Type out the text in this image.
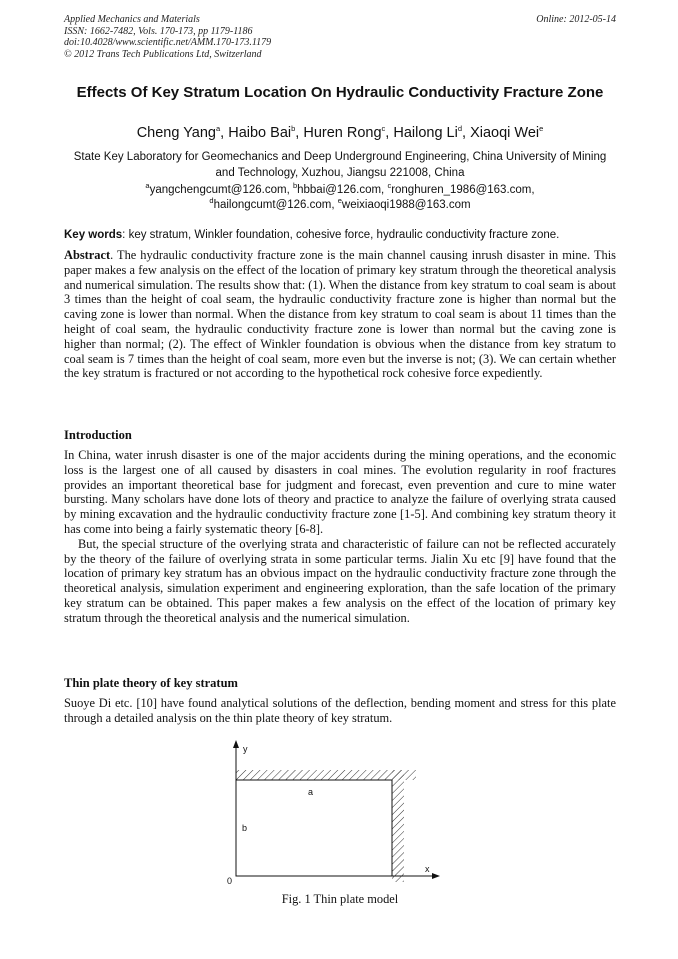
Applied Mechanics and Materials
ISSN: 1662-7482, Vols. 170-173, pp 1179-1186
doi:10.4028/www.scientific.net/AMM.170-173.1179
© 2012 Trans Tech Publications Ltd, Switzerland
Online: 2012-05-14
Effects Of Key Stratum Location On Hydraulic Conductivity Fracture Zone
Cheng Yang$^a$, Haibo Bai$^b$, Huren Rong$^c$, Hailong Li$^d$, Xiaoqi Wei$^e$
State Key Laboratory for Geomechanics and Deep Underground Engineering, China University of Mining and Technology, Xuzhou, Jiangsu 221008, China
$^a$yangchengcumt@126.com, $^b$hbbai@126.com, $^c$ronghuren_1986@163.com,
$^d$hailongcumt@126.com, $^e$weixiaoqi1988@163.com
Key words: key stratum, Winkler foundation, cohesive force, hydraulic conductivity fracture zone.
Abstract. The hydraulic conductivity fracture zone is the main channel causing inrush disaster in mine. This paper makes a few analysis on the effect of the location of primary key stratum through the theoretical analysis and numerical simulation. The results show that: (1). When the distance from key stratum to coal seam is about 3 times than the height of coal seam, the hydraulic conductivity fracture zone is higher than normal but the caving zone is lower than normal. When the distance from key stratum to coal seam is about 11 times than the height of coal seam, the hydraulic conductivity fracture zone is lower than normal but the caving zone is higher than normal; (2). The effect of Winkler foundation is obvious when the distance from key stratum to coal seam is 7 times than the height of coal seam, more even but the inverse is not; (3). We can certain whether the key stratum is fractured or not according to the hypothetical rock cohesive force expediently.
Introduction

In China, water inrush disaster is one of the major accidents during the mining operations, and the economic loss is the largest one of all caused by disasters in coal mines. The evolution regularity in roof fractures provides an important theoretical base for judgment and forecast, even prevention and cure to mine water bursting. Many scholars have done lots of theory and practice to analyze the failure of overlying strata caused by mining excavation and the hydraulic conductivity fracture zone [1-5]. And combining key stratum theory it has come into being a fairly systematic theory [6-8].

But, the special structure of the overlying strata and characteristic of failure can not be reflected accurately by the theory of the failure of overlying strata in some particular terms. Jialin Xu etc [9] have found that the location of primary key stratum has an obvious impact on the hydraulic conductivity fracture zone through the theoretical analysis, simulation experiment and engineering exploration, than the safe location of the primary key stratum can be obtained. This paper makes a few analysis on the effect of the location of primary key stratum through the theoretical analysis and the numerical simulation.

Thin plate theory of key stratum

Suoye Di etc. [10] have found analytical solutions of the deflection, bending moment and stress for this plate through a detailed analysis on the thin plate theory of key stratum.

y
x
a
b
0
Fig. 1 Thin plate model
